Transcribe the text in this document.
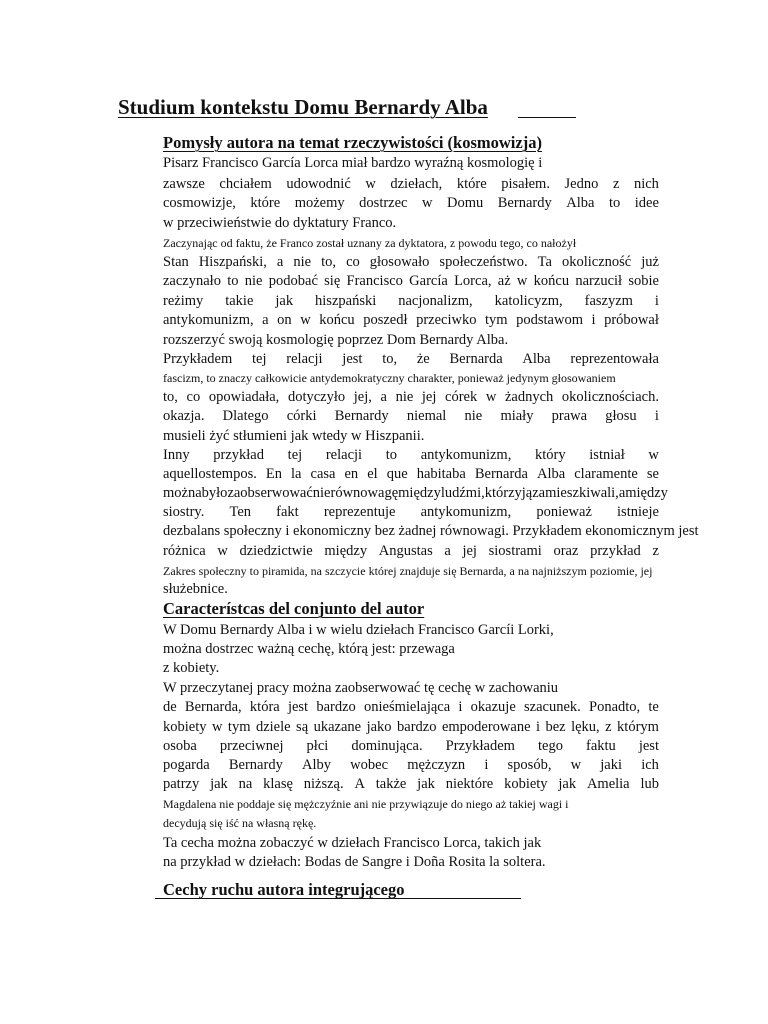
Studium kontekstu Domu Bernardy Alba
Pomysły autora na temat rzeczywistości (kosmowizja)
Pisarz Francisco García Lorca miał bardzo wyraźną kosmologię i
zawsze chciałem udowodnić w dziełach, które pisałem. Jedno z nich
cosmowizje, które możemy dostrzec w Domu Bernardy Alba to idee
w przeciwieństwie do dyktatury Franco.
Zaczynając od faktu, że Franco został uznany za dyktatora, z powodu tego, co nałożył
Stan Hiszpański, a nie to, co głosowało społeczeństwo. Ta okoliczność już
zaczynało to nie podobać się Francisco García Lorca, aż w końcu narzucił sobie
reżimy takie jak hiszpański nacjonalizm, katolicyzm, faszyzm i
antykomunizm, a on w końcu poszedł przeciwko tym podstawom i próbował
rozszerzyć swoją kosmologię poprzez Dom Bernardy Alba.
Przykładem tej relacji jest to, że Bernarda Alba reprezentowała
fascizm, to znaczy całkowicie antydemokratyczny charakter, ponieważ jedynym głosowaniem
to, co opowiadała, dotyczyło jej, a nie jej córek w żadnych okolicznościach.
okazja. Dlatego córki Bernardy niemal nie miały prawa głosu i
musieli żyć stłumieni jak wtedy w Hiszpanii.
Inny przykład tej relacji to antykomunizm, który istniał w
aquellostempos. En la casa en el que habitaba Bernarda Alba claramente se
można było zaobserwować nierównowagę między ludźmi, którzy ją zamieszkiwali, a między
siostry. Ten fakt reprezentuje antykomunizm, ponieważ istnieje
dezbalans społeczny i ekonomiczny bez żadnej równowagi. Przykładem ekonomicznym jest
różnica w dziedzictwie między Angustas a jej siostrami oraz przykład z
Zakres społeczny to piramida, na szczycie której znajduje się Bernarda, a na najniższym poziomie, jej
służebnice.
Característcas del conjunto del autor
W Domu Bernardy Alba i w wielu dziełach Francisco Garcíi Lorki,
można dostrzec ważną cechę, którą jest: przewaga
z kobiety.
W przeczytanej pracy można zaobserwować tę cechę w zachowaniu
de Bernarda, która jest bardzo onieśmielająca i okazuje szacunek. Ponadto, te
kobiety w tym dziele są ukazane jako bardzo empoderowane i bez lęku, z którym
osoba przeciwnej płci dominująca. Przykładem tego faktu jest
pogarda Bernardy Alby wobec mężczyzn i sposób, w jaki ich
patrzy jak na klasę niższą. A także jak niektóre kobiety jak Amelia lub
Magdalena nie poddaje się mężczyźnie ani nie przywiązuje do niego aż takiej wagi i
decydują się iść na własną rękę.
Ta cecha można zobaczyć w dziełach Francisco Lorca, takich jak
na przykład w dziełach: Bodas de Sangre i Doña Rosita la soltera.
Cechy ruchu autora integrującego
